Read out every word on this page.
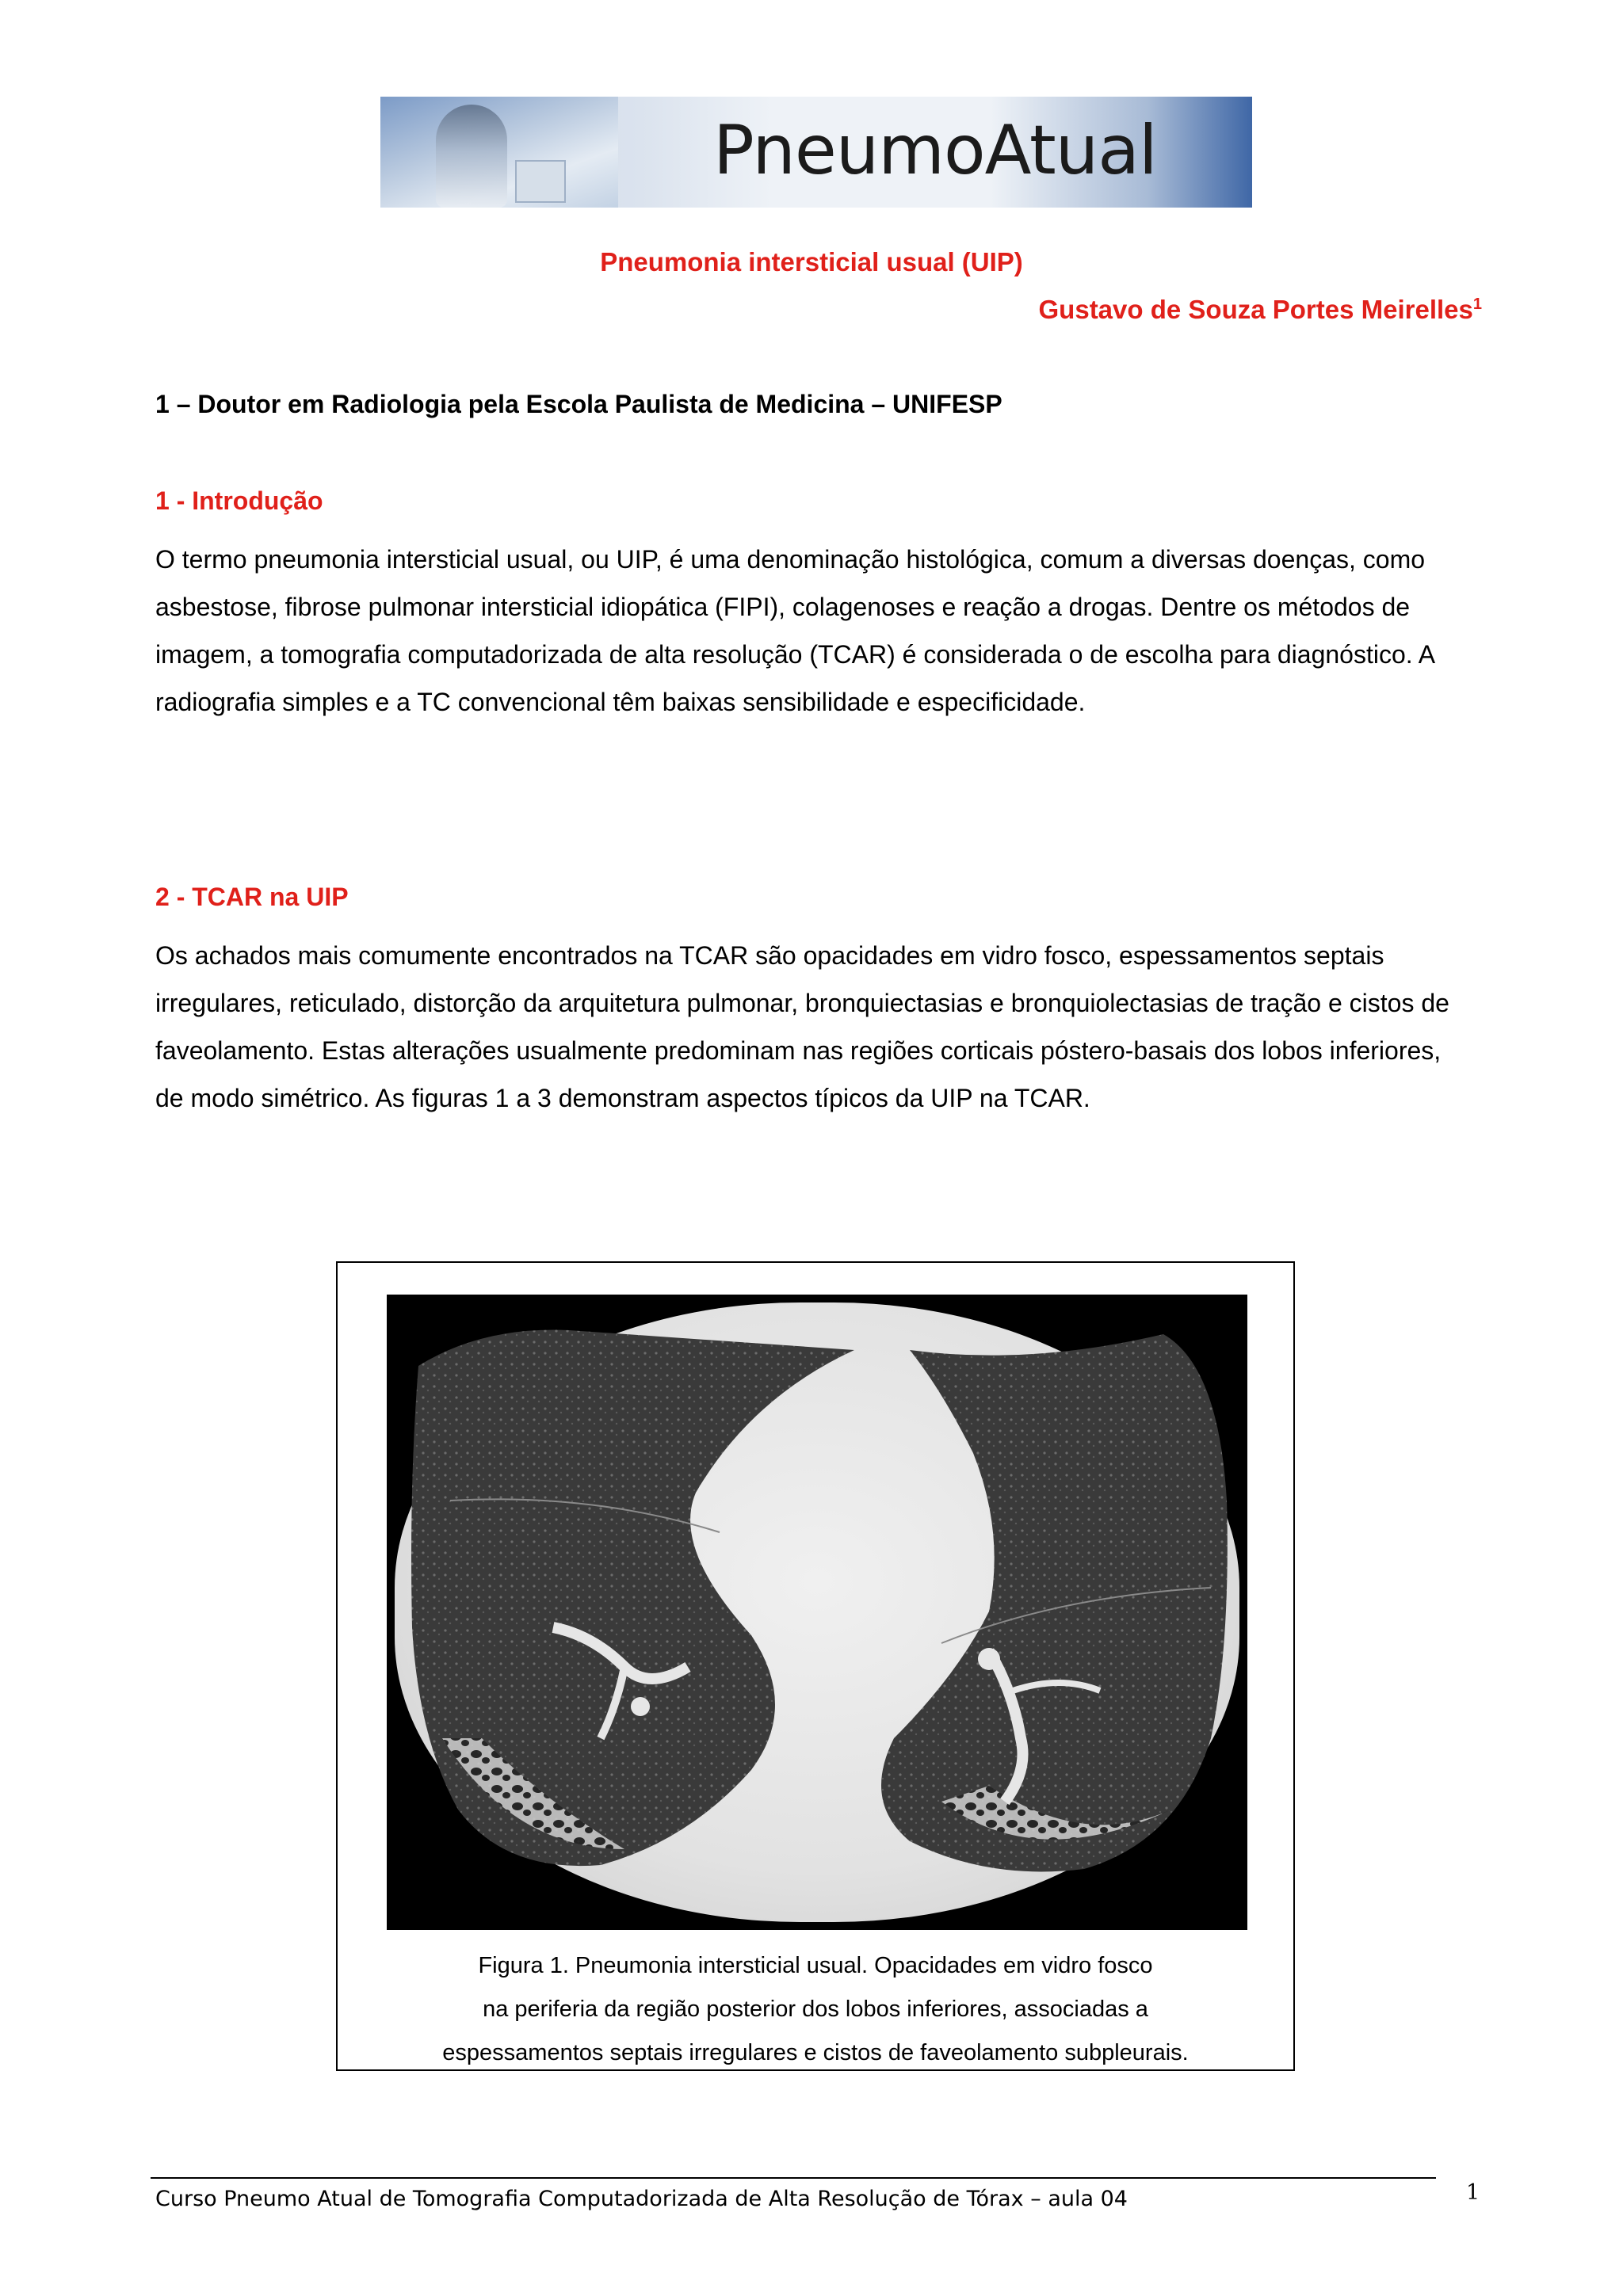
PneumoAtual
Pneumonia intersticial usual (UIP)
Gustavo de Souza Portes Meirelles$^1$
1 – Doutor em Radiologia pela Escola Paulista de Medicina – UNIFESP
1 - Introdução

O termo pneumonia intersticial usual, ou UIP, é uma denominação histológica, comum a diversas doenças, como asbestose, fibrose pulmonar intersticial idiopática (FIPI), colagenoses e reação a drogas. Dentre os métodos de imagem, a tomografia computadorizada de alta resolução (TCAR) é considerada o de escolha para diagnóstico. A radiografia simples e a TC convencional têm baixas sensibilidade e especificidade.

2 - TCAR na UIP

Os achados mais comumente encontrados na TCAR são opacidades em vidro fosco, espessamentos septais irregulares, reticulado, distorção da arquitetura pulmonar, bronquiectasias e bronquiolectasias de tração e cistos de faveolamento. Estas alterações usualmente predominam nas regiões corticais póstero-basais dos lobos inferiores, de modo simétrico. As figuras 1 a 3 demonstram aspectos típicos da UIP na TCAR.

Figura 1. Pneumonia intersticial usual. Opacidades em vidro fosco
na periferia da região posterior dos lobos inferiores, associadas a
espessamentos septais irregulares e cistos de faveolamento subpleurais.
Curso Pneumo Atual de Tomografia Computadorizada de Alta Resolução de Tórax – aula 04	1
